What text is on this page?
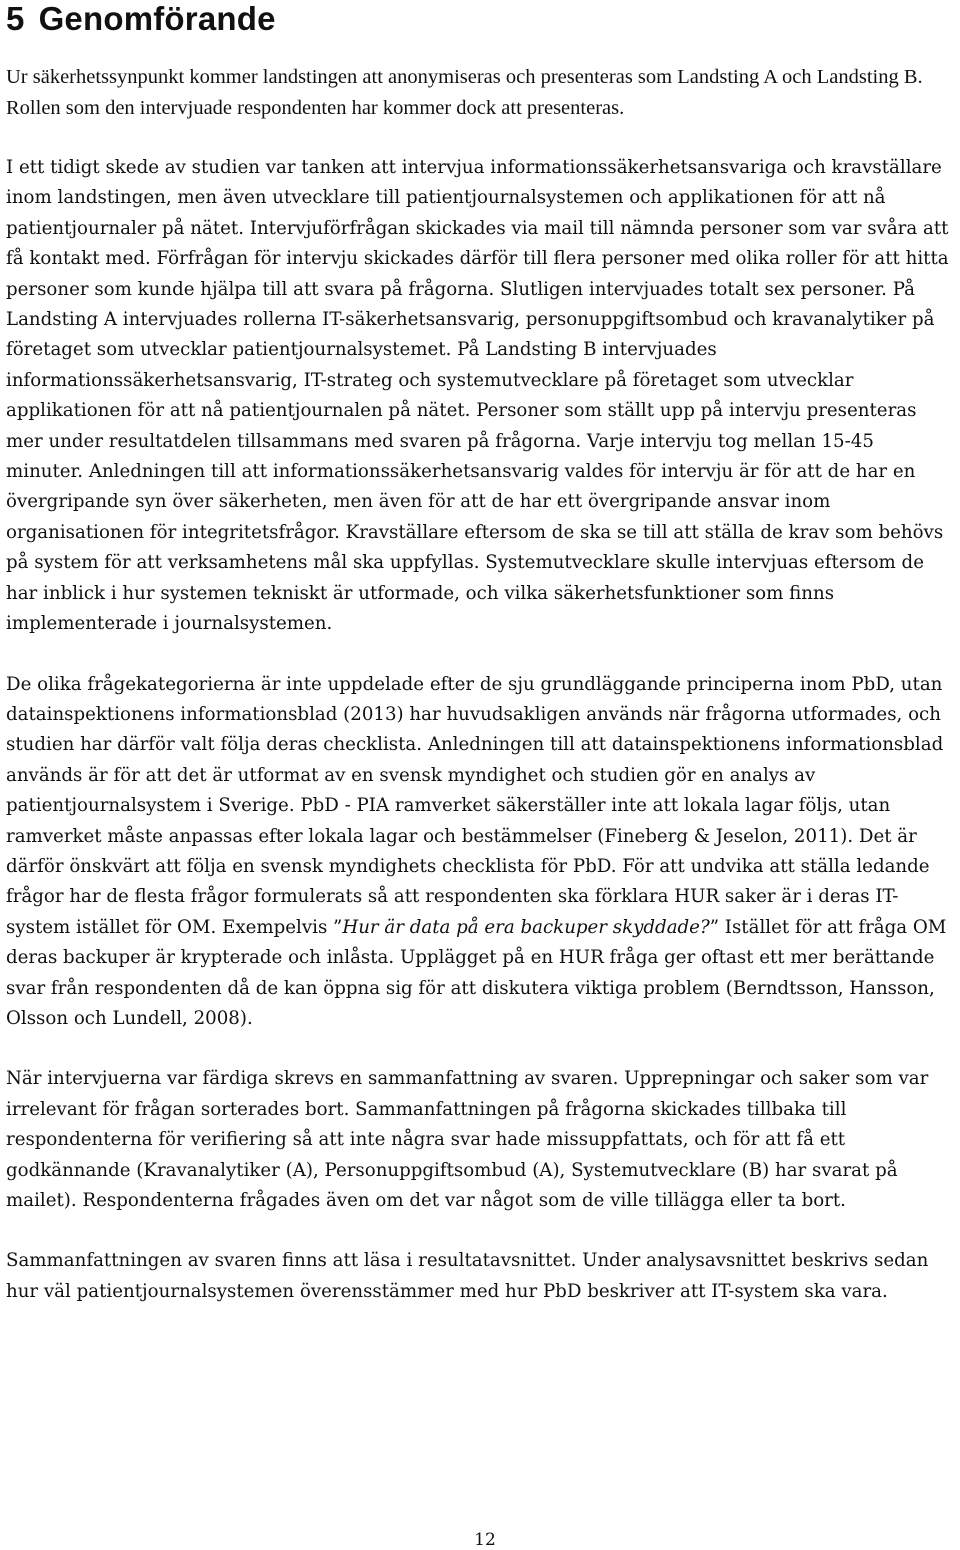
5 Genomförande

Ur säkerhetssynpunkt kommer landstingen att anonymiseras och presenteras som Landsting A och Landsting B. Rollen som den intervjuade respondenten har kommer dock att presenteras.

I ett tidigt skede av studien var tanken att intervjua informationssäkerhetsansvariga och kravställare inom landstingen, men även utvecklare till patientjournalsystemen och applikationen för att nå patientjournaler på nätet. Intervjuförfrågan skickades via mail till nämnda personer som var svåra att få kontakt med. Förfrågan för intervju skickades därför till flera personer med olika roller för att hitta personer som kunde hjälpa till att svara på frågorna. Slutligen intervjuades totalt sex personer. På Landsting A intervjuades rollerna IT-säkerhetsansvarig, personuppgiftsombud och kravanalytiker på företaget som utvecklar patientjournalsystemet. På Landsting B intervjuades informationssäkerhetsansvarig, IT-strateg och systemutvecklare på företaget som utvecklar applikationen för att nå patientjournalen på nätet. Personer som ställt upp på intervju presenteras mer under resultatdelen tillsammans med svaren på frågorna. Varje intervju tog mellan 15-45 minuter. Anledningen till att informationssäkerhetsansvarig valdes för intervju är för att de har en övergripande syn över säkerheten, men även för att de har ett övergripande ansvar inom organisationen för integritetsfrågor. Kravställare eftersom de ska se till att ställa de krav som behövs på system för att verksamhetens mål ska uppfyllas. Systemutvecklare skulle intervjuas eftersom de har inblick i hur systemen tekniskt är utformade, och vilka säkerhetsfunktioner som finns implementerade i journalsystemen.

De olika frågekategorierna är inte uppdelade efter de sju grundläggande principerna inom PbD, utan datainspektionens informationsblad (2013) har huvudsakligen används när frågorna utformades, och studien har därför valt följa deras checklista. Anledningen till att datainspektionens informationsblad används är för att det är utformat av en svensk myndighet och studien gör en analys av patientjournalsystem i Sverige. PbD - PIA ramverket säkerställer inte att lokala lagar följs, utan ramverket måste anpassas efter lokala lagar och bestämmelser (Fineberg & Jeselon, 2011). Det är därför önskvärt att följa en svensk myndighets checklista för PbD. För att undvika att ställa ledande frågor har de flesta frågor formulerats så att respondenten ska förklara HUR saker är i deras IT-system istället för OM. Exempelvis ”Hur är data på era backuper skyddade?” Istället för att fråga OM deras backuper är krypterade och inlåsta. Upplägget på en HUR fråga ger oftast ett mer berättande svar från respondenten då de kan öppna sig för att diskutera viktiga problem (Berndtsson, Hansson, Olsson och Lundell, 2008).

När intervjuerna var färdiga skrevs en sammanfattning av svaren. Upprepningar och saker som var irrelevant för frågan sorterades bort. Sammanfattningen på frågorna skickades tillbaka till respondenterna för verifiering så att inte några svar hade missuppfattats, och för att få ett godkännande (Kravanalytiker (A), Personuppgiftsombud (A), Systemutvecklare (B) har svarat på mailet). Respondenterna frågades även om det var något som de ville tillägga eller ta bort.

Sammanfattningen av svaren finns att läsa i resultatavsnittet. Under analysavsnittet beskrivs sedan hur väl patientjournalsystemen överensstämmer med hur PbD beskriver att IT-system ska vara.

12
